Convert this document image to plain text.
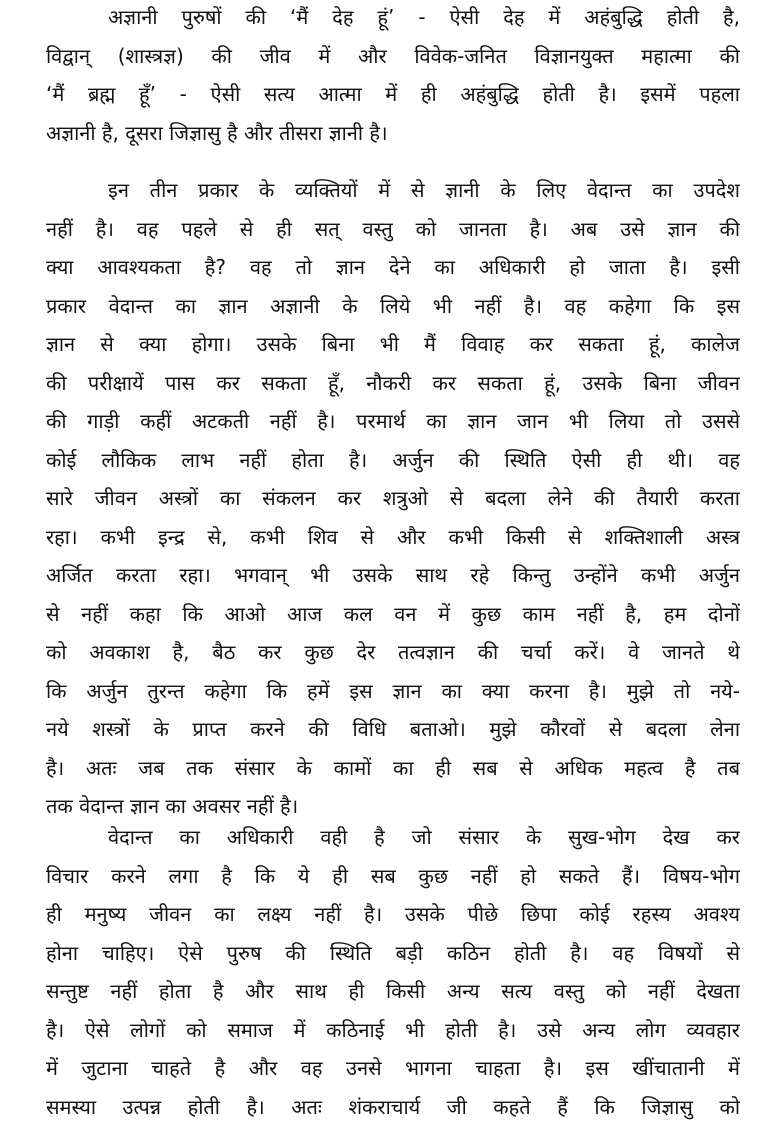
अज्ञानी पुरुषों की ‘मैं देह हूं’ - ऐसी देह में अहंबुद्धि होती है,
विद्वान् (शास्त्रज्ञ) की जीव में और विवेक-जनित विज्ञानयुक्त महात्मा की
‘मैं ब्रह्म हूँ’ - ऐसी सत्य आत्मा में ही अहंबुद्धि होती है। इसमें पहला
अज्ञानी है, दूसरा जिज्ञासु है और तीसरा ज्ञानी है।
इन तीन प्रकार के व्यक्तियों में से ज्ञानी के लिए वेदान्त का उपदेश
नहीं है। वह पहले से ही सत् वस्तु को जानता है। अब उसे ज्ञान की
क्या आवश्यकता है? वह तो ज्ञान देने का अधिकारी हो जाता है। इसी
प्रकार वेदान्त का ज्ञान अज्ञानी के लिये भी नहीं है। वह कहेगा कि इस
ज्ञान से क्या होगा। उसके बिना भी मैं विवाह कर सकता हूं, कालेज
की परीक्षायें पास कर सकता हूँ, नौकरी कर सकता हूं, उसके बिना जीवन
की गाड़ी कहीं अटकती नहीं है। परमार्थ का ज्ञान जान भी लिया तो उससे
कोई लौकिक लाभ नहीं होता है। अर्जुन की स्थिति ऐसी ही थी। वह
सारे जीवन अस्त्रों का संकलन कर शत्रुओ से बदला लेने की तैयारी करता
रहा। कभी इन्द्र से, कभी शिव से और कभी किसी से शक्तिशाली अस्त्र
अर्जित करता रहा। भगवान् भी उसके साथ रहे किन्तु उन्होंने कभी अर्जुन
से नहीं कहा कि आओ आज कल वन में कुछ काम नहीं है, हम दोनों
को अवकाश है, बैठ कर कुछ देर तत्वज्ञान की चर्चा करें। वे जानते थे
कि अर्जुन तुरन्त कहेगा कि हमें इस ज्ञान का क्या करना है। मुझे तो नये-
नये शस्त्रों के प्राप्त करने की विधि बताओ। मुझे कौरवों से बदला लेना
है। अतः जब तक संसार के कामों का ही सब से अधिक महत्व है तब
तक वेदान्त ज्ञान का अवसर नहीं है।
वेदान्त का अधिकारी वही है जो संसार के सुख-भोग देख कर
विचार करने लगा है कि ये ही सब कुछ नहीं हो सकते हैं। विषय-भोग
ही मनुष्य जीवन का लक्ष्य नहीं है। उसके पीछे छिपा कोई रहस्य अवश्य
होना चाहिए। ऐसे पुरुष की स्थिति बड़ी कठिन होती है। वह विषयों से
सन्तुष्ट नहीं होता है और साथ ही किसी अन्य सत्य वस्तु को नहीं देखता
है। ऐसे लोगों को समाज में कठिनाई भी होती है। उसे अन्य लोग व्यवहार
में जुटाना चाहते है और वह उनसे भागना चाहता है। इस खींचातानी में
समस्या उत्पन्न होती है। अतः शंकराचार्य जी कहते हैं कि जिज्ञासु को
